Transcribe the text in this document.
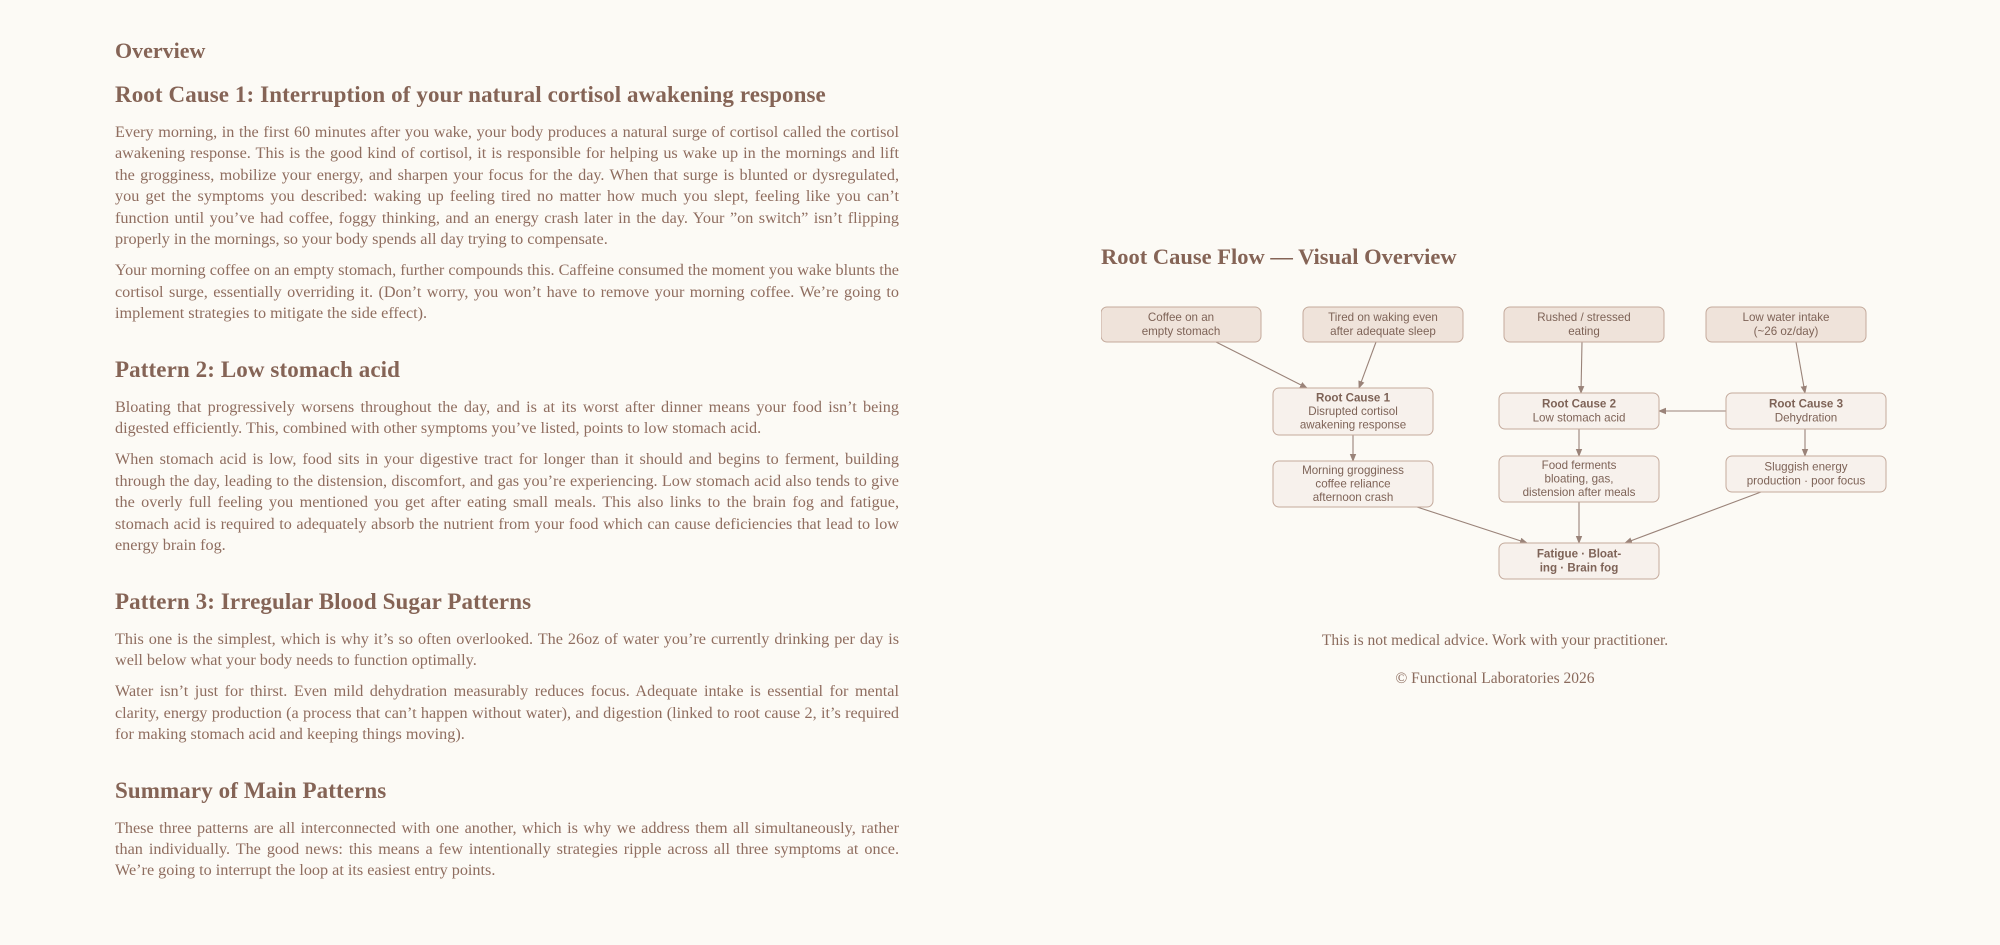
Overview
Root Cause 1: Interruption of your natural cortisol awakening response

Every morning, in the first 60 minutes after you wake, your body produces a natural surge of cortisol called the cortisol awakening response. This is the good kind of cortisol, it is responsible for helping us wake up in the mornings and lift the grogginess, mobilize your energy, and sharpen your focus for the day. When that surge is blunted or dysregulated, you get the symptoms you described: waking up feeling tired no matter how much you slept, feeling like you can’t function until you’ve had coffee, foggy thinking, and an energy crash later in the day. Your ”on switch” isn’t flipping properly in the mornings, so your body spends all day trying to compensate.

Your morning coffee on an empty stomach, further compounds this. Caffeine consumed the moment you wake blunts the cortisol surge, essentially overriding it. (Don’t worry, you won’t have to remove your morning coffee. We’re going to implement strategies to mitigate the side effect).

Pattern 2: Low stomach acid

Bloating that progressively worsens throughout the day, and is at its worst after dinner means your food isn’t being digested efficiently. This, combined with other symptoms you’ve listed, points to low stomach acid.

When stomach acid is low, food sits in your digestive tract for longer than it should and begins to ferment, building through the day, leading to the distension, discomfort, and gas you’re experiencing. Low stomach acid also tends to give the overly full feeling you mentioned you get after eating small meals. This also links to the brain fog and fatigue, stomach acid is required to adequately absorb the nutrient from your food which can cause deficiencies that lead to low energy brain fog.

Pattern 3: Irregular Blood Sugar Patterns

This one is the simplest, which is why it’s so often overlooked. The 26oz of water you’re currently drinking per day is well below what your body needs to function optimally.

Water isn’t just for thirst. Even mild dehydration measurably reduces focus. Adequate intake is essential for mental clarity, energy production (a process that can’t happen without water), and digestion (linked to root cause 2, it’s required for making stomach acid and keeping things moving).

Summary of Main Patterns

These three patterns are all interconnected with one another, which is why we address them all simultaneously, rather than individually. The good news: this means a few intentionally strategies ripple across all three symptoms at once. We’re going to interrupt the loop at its easiest entry points.

Root Cause Flow — Visual Overview
Coffee on an
empty stomach
Tired on waking even
after adequate sleep
Rushed / stressed
eating
Low water intake
(~26 oz/day)
Root Cause 1
Disrupted cortisol
awakening response
Root Cause 2
Low stomach acid
Root Cause 3
Dehydration
Morning grogginess
coffee reliance
afternoon crash
Food ferments
bloating, gas,
distension after meals
Sluggish energy
production · poor focus
Fatigue · Bloat-
ing · Brain fog
This is not medical advice. Work with your practitioner.
© Functional Laboratories 2026
